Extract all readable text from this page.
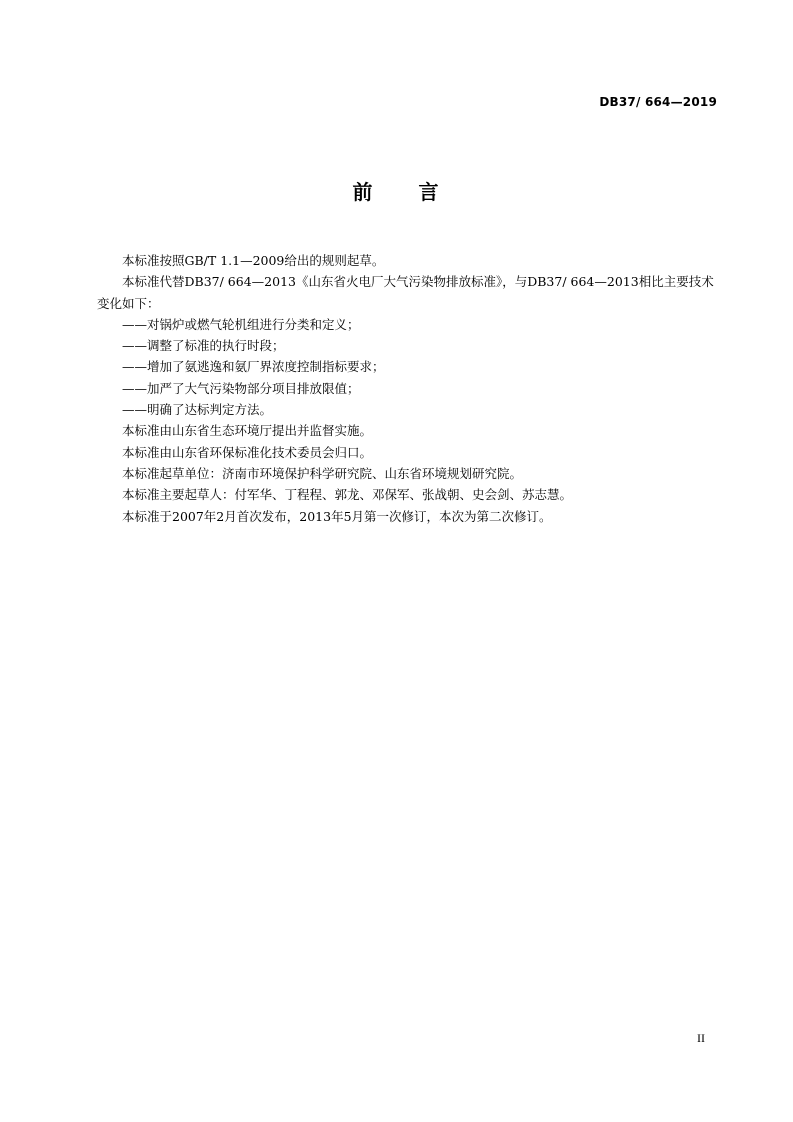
DB37/ 664—2019
前　　言

本标准按照GB/T 1.1—2009给出的规则起草。

本标准代替DB37/ 664—2013《山东省火电厂大气污染物排放标准》，与DB37/ 664—2013相比主要技术变化如下：

——对锅炉或燃气轮机组进行分类和定义；

——调整了标准的执行时段；

——增加了氨逃逸和氨厂界浓度控制指标要求；

——加严了大气污染物部分项目排放限值；

——明确了达标判定方法。

本标准由山东省生态环境厅提出并监督实施。

本标准由山东省环保标准化技术委员会归口。

本标准起草单位：济南市环境保护科学研究院、山东省环境规划研究院。

本标准主要起草人：付军华、丁程程、郭龙、邓保军、张战朝、史会剑、苏志慧。

本标准于2007年2月首次发布，2013年5月第一次修订，本次为第二次修订。

II
